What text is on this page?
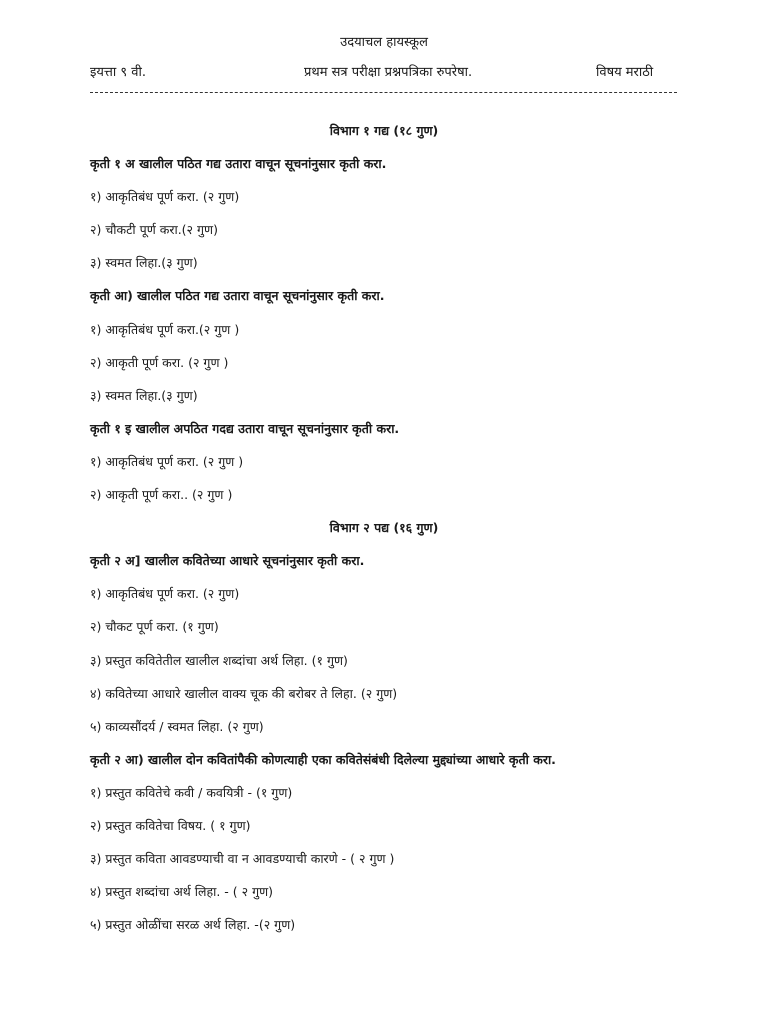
उदयाचल हायस्कूल
इयत्ता ९ वी.	प्रथम सत्र परीक्षा प्रश्नपत्रिका रुपरेषा.	विषय मराठी
विभाग १ गद्य (१८ गुण)
कृती १ अ खालील पठित गद्य उतारा वाचून सूचनांनुसार कृती करा.
१) आकृतिबंध पूर्ण करा. (२ गुण)
२) चौकटी पूर्ण करा.(२ गुण)
३) स्वमत लिहा.(३ गुण)
कृती आ) खालील पठित गद्य उतारा वाचून सूचनांनुसार कृती करा.
१) आकृतिबंध पूर्ण करा.(२ गुण )
२) आकृती पूर्ण करा. (२ गुण )
३) स्वमत लिहा.(३ गुण)
कृती १ इ खालील अपठित गदद्य उतारा वाचून सूचनांनुसार कृती करा.
१) आकृतिबंध पूर्ण करा. (२ गुण )
२) आकृती पूर्ण करा.. (२ गुण )
विभाग २ पद्य (१६ गुण)
कृती २ अ] खालील कवितेच्या आधारे सूचनांनुसार कृती करा.
१) आकृतिबंध पूर्ण करा. (२ गुण)
२) चौकट पूर्ण करा. (१ गुण)
३) प्रस्तुत कवितेतील खालील शब्दांचा अर्थ लिहा. (१ गुण)
४) कवितेच्या आधारे खालील वाक्य चूक की बरोबर ते लिहा. (२ गुण)
५) काव्यसौंदर्य / स्वमत लिहा. (२ गुण)
कृती २ आ) खालील दोन कवितांपैकी कोणत्याही एका कवितेसंबंधी दिलेल्या मुद्द्यांच्या आधारे कृती करा.
१) प्रस्तुत कवितेचे कवी / कवयित्री - (१ गुण)
२) प्रस्तुत कवितेचा विषय. ( १ गुण)
३) प्रस्तुत कविता आवडण्याची वा न आवडण्याची कारणे - ( २ गुण )
४) प्रस्तुत शब्दांचा अर्थ लिहा. - ( २ गुण)
५) प्रस्तुत ओळींचा सरळ अर्थ लिहा. -(२ गुण)
